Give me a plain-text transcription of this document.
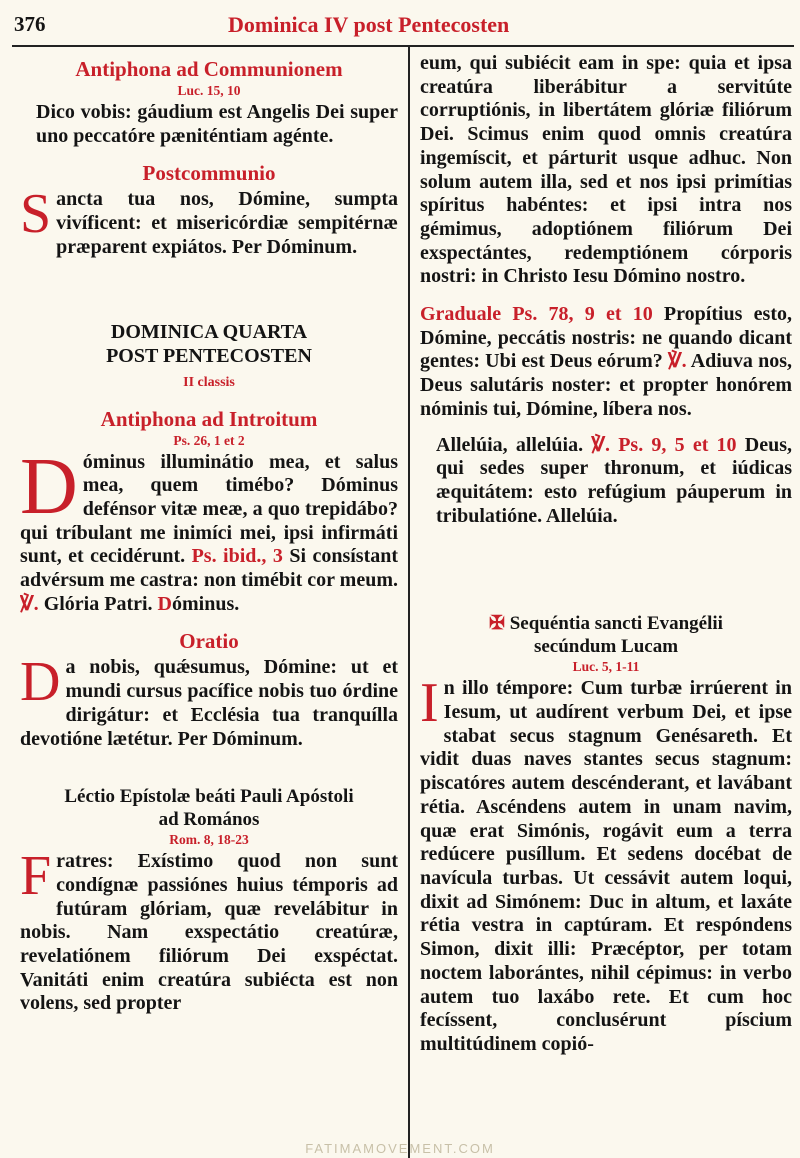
376	Dominica IV post Pentecosten
Antiphona ad Communionem
Luc. 15, 10

Dico vobis: gáudium est Angelis Dei super uno peccatóre pæniténtiam agénte.

Postcommunio

Sancta tua nos, Dómine, sumpta vivíficent: et misericórdiæ sempitérnæ præparent expiátos. Per Dóminum.

DOMINICA QUARTA
POST PENTECOSTEN
II classis
Antiphona ad Introitum
Ps. 26, 1 et 2

Dóminus illuminátio mea, et salus mea, quem timébo? Dóminus defénsor vitæ meæ, a quo trepidábo? qui tríbulant me inimíci mei, ipsi infirmáti sunt, et cecidérunt. Ps. ibid., 3 Si consístant advérsum me castra: non timébit cor meum. ℣. Glória Patri. Dóminus.

Oratio

Da nobis, quǽsumus, Dómine: ut et mundi cursus pacífice nobis tuo órdine dirigátur: et Ecclésia tua tranquílla devotióne lætétur. Per Dóminum.

Léctio Epístolæ beáti Pauli Apóstoli
ad Romános
Rom. 8, 18-23

Fratres: Exístimo quod non sunt condígnæ passiónes huius témporis ad futúram glóriam, quæ revelábitur in nobis. Nam exspectátio creatúræ, revelatiónem filiórum Dei exspéctat. Vanitáti enim creatúra subiécta est non volens, sed propter

eum, qui subiécit eam in spe: quia et ipsa creatúra liberábitur a servitúte corruptiónis, in libertátem glóriæ filiórum Dei. Scimus enim quod omnis creatúra ingemíscit, et párturit usque adhuc. Non solum autem illa, sed et nos ipsi primítias spíritus habéntes: et ipsi intra nos gémimus, adoptiónem filiórum Dei exspectántes, redemptiónem córporis nostri: in Christo Iesu Dómino nostro.

Graduale Ps. 78, 9 et 10 Propítius esto, Dómine, peccátis nostris: ne quando dicant gentes: Ubi est Deus eórum? ℣. Adiuva nos, Deus salutáris noster: et propter honórem nóminis tui, Dómine, líbera nos.

Allelúia, allelúia. ℣. Ps. 9, 5 et 10 Deus, qui sedes super thronum, et iúdicas æquitátem: esto refúgium páuperum in tribulatióne. Allelúia.

✠ Sequéntia sancti Evangélii secúndum Lucam
Luc. 5, 1-11

In illo témpore: Cum turbæ irrúerent in Iesum, ut audírent verbum Dei, et ipse stabat secus stagnum Genésareth. Et vidit duas naves stantes secus stagnum: piscatóres autem descénderant, et lavábant rétia. Ascéndens autem in unam navim, quæ erat Simónis, rogávit eum a terra redúcere pusíllum. Et sedens docébat de navícula turbas. Ut cessávit autem loqui, dixit ad Simónem: Duc in altum, et laxáte rétia vestra in captúram. Et respóndens Simon, dixit illi: Præcéptor, per totam noctem laborántes, nihil cépimus: in verbo autem tuo laxábo rete. Et cum hoc fecíssent, conclusérunt píscium multitúdinem copió-

FATIMAMOVEMENT.COM
